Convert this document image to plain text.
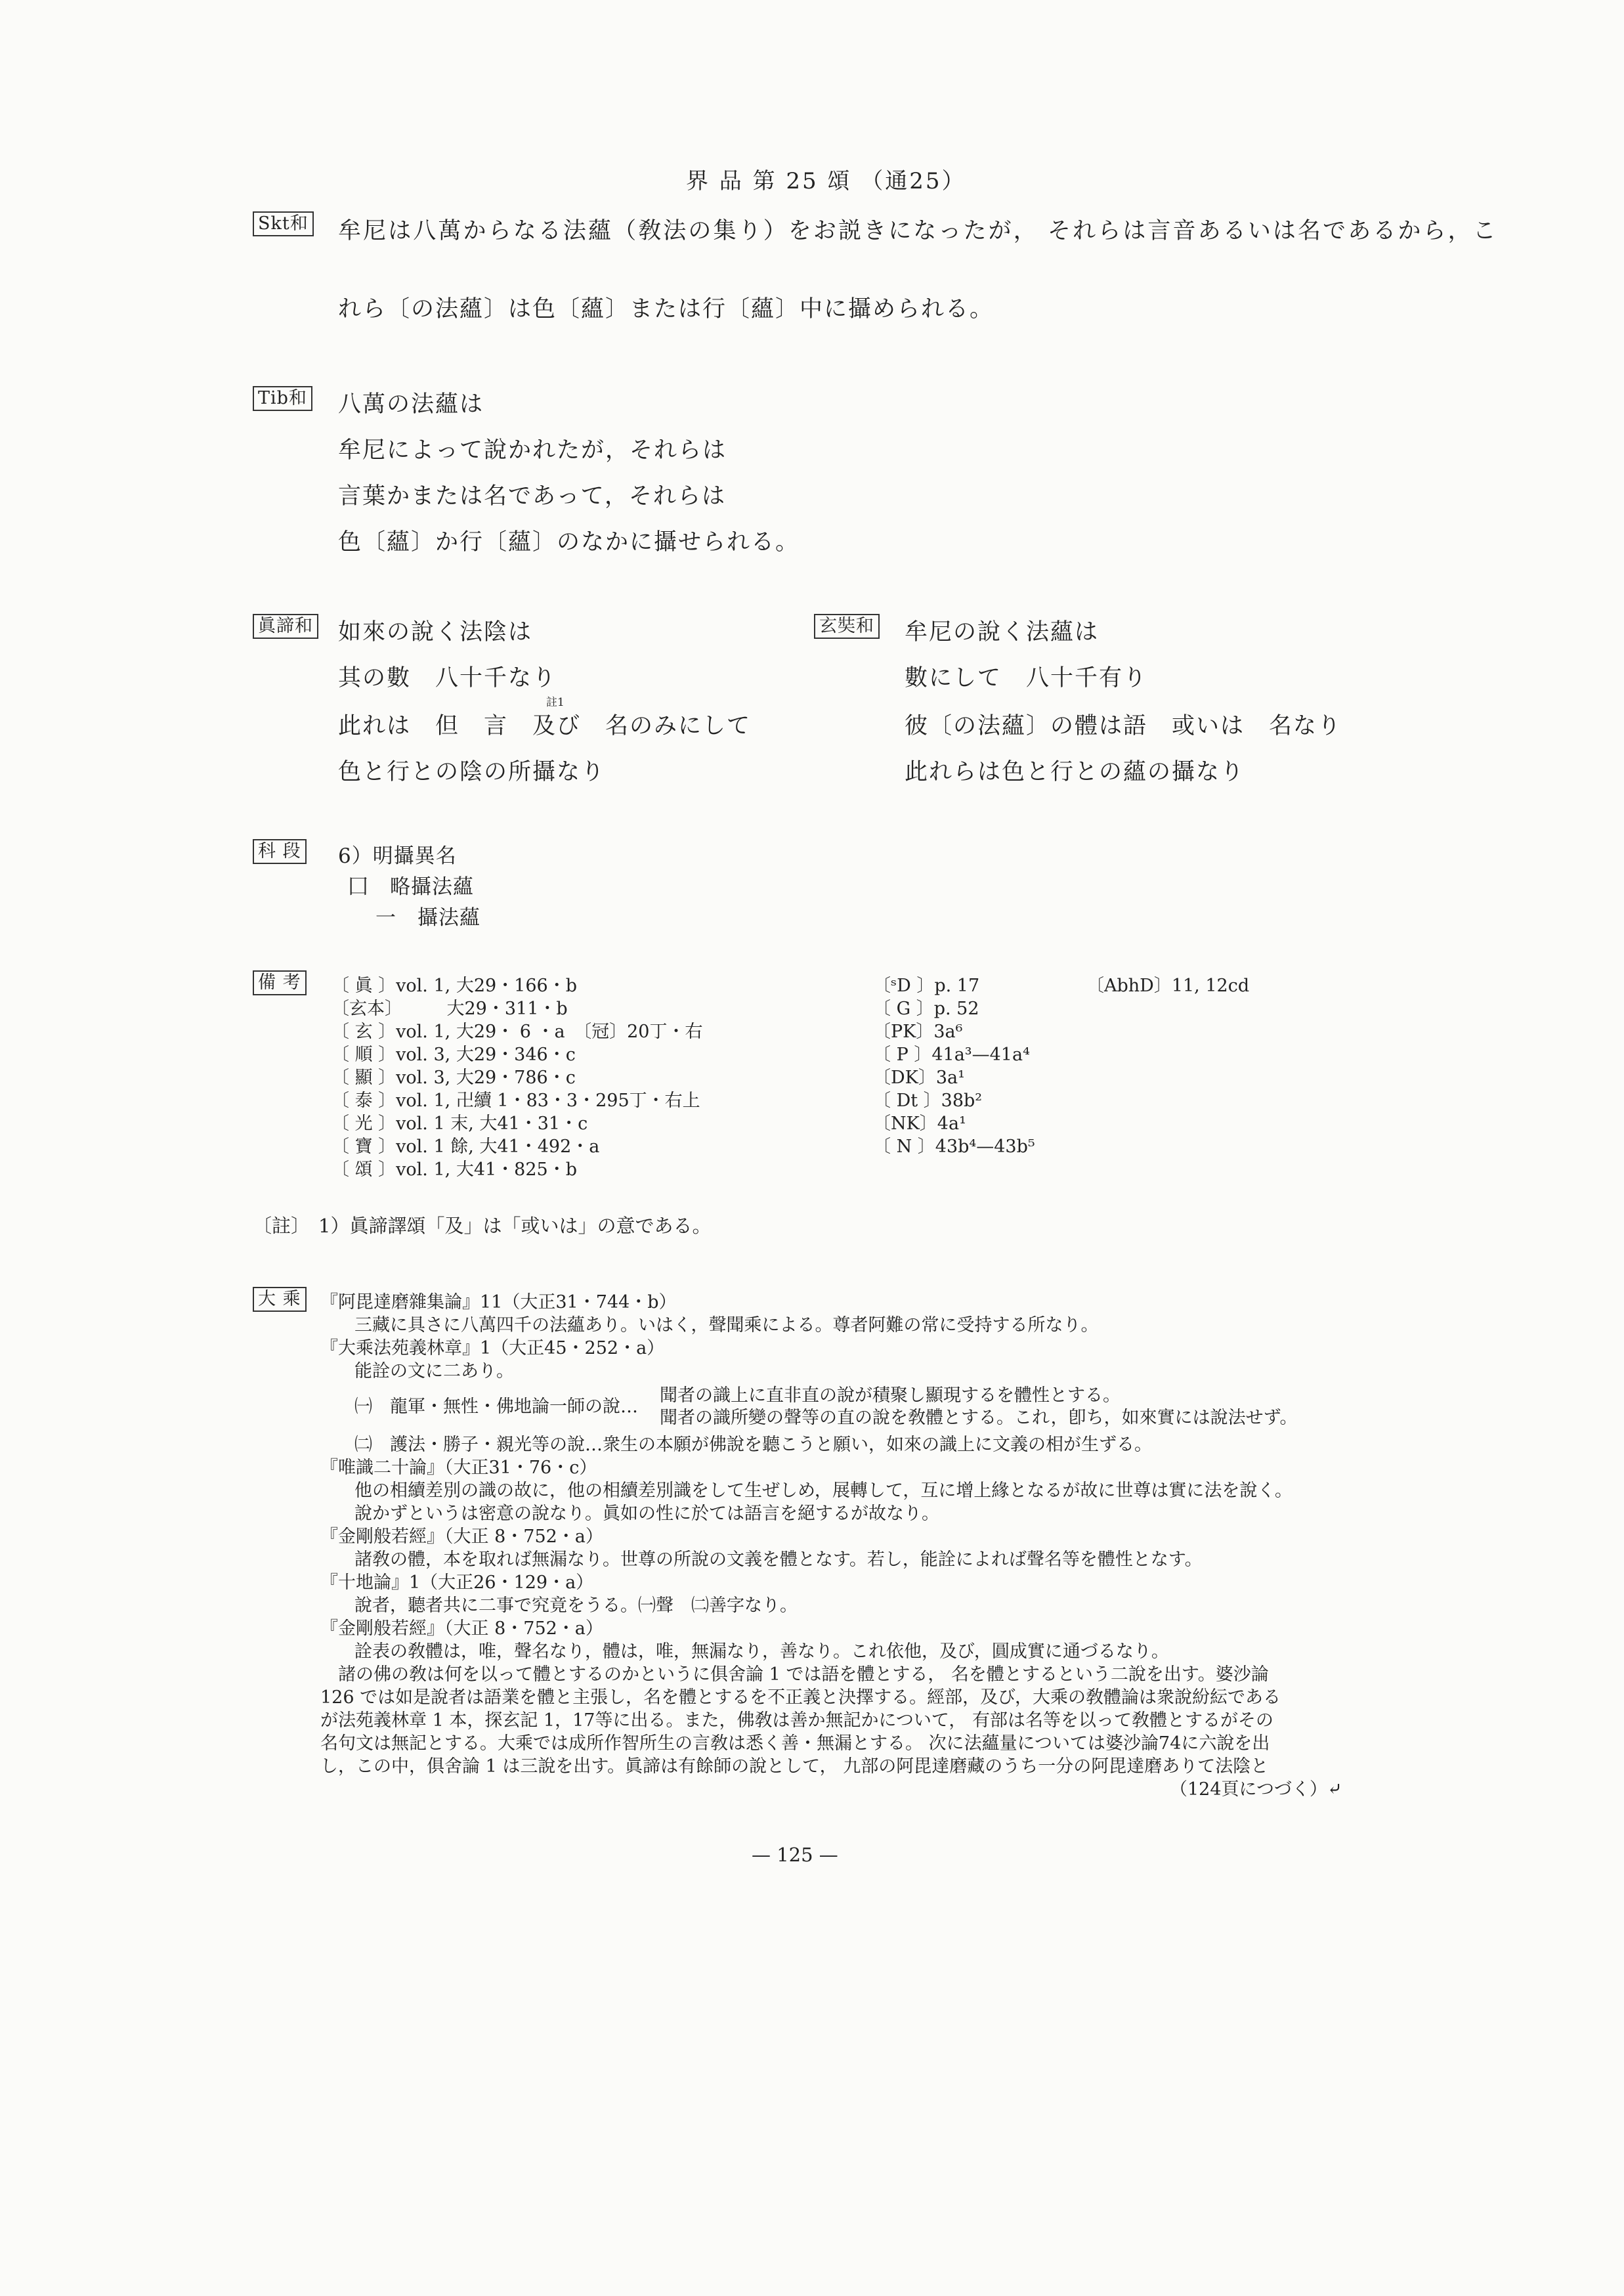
界 品 第 25 頌 （通25）
Skt和 牟尼は八萬からなる法蘊（敎法の集り）をお説きになったが， それらは言音あるいは名であるから，こ
れら〔の法蘊〕は色〔蘊〕または行〔蘊〕中に攝められる。
Tib和 八萬の法蘊は
牟尼によって說かれたが，それらは
言葉かまたは名であって，それらは
色〔蘊〕か行〔蘊〕のなかに攝せられる。
眞諦和 如來の說く法陰は
其の數　八十千なり
註1
此れは　但　言　及び　名のみにして
色と行との陰の所攝なり
玄奘和 牟尼の說く法蘊は
數にして　八十千有り
彼〔の法蘊〕の體は語　或いは　名なり
此れらは色と行との蘊の攝なり
科 段 6）明攝異名
囗　略攝法蘊
一　攝法蘊
備 考 〔 眞 〕vol. 1, 大29・166・b
〔玄本〕　　　大29・311・b
〔 玄 〕vol. 1, 大29・ 6 ・a　〔冠〕20丁・右
〔 順 〕vol. 3, 大29・346・c
〔 顯 〕vol. 3, 大29・786・c
〔 泰 〕vol. 1, 卍續 1・83・3・295丁・右上
〔 光 〕vol. 1 末, 大41・31・c
〔 寶 〕vol. 1 餘, 大41・492・a
〔 頌 〕vol. 1, 大41・825・b
〔ˢD 〕p. 17
〔 G 〕p. 52
〔PK〕3a⁶
〔 P 〕41a³—41a⁴
〔DK〕3a¹
〔 Dt 〕38b²
〔NK〕4a¹
〔 N 〕43b⁴—43b⁵
〔AbhD〕11, 12cd
〔註〕 1）眞諦譯頌「及」は「或いは」の意である。
大 乘 『阿毘達磨雜集論』11（大正31・744・b）
三藏に具さに八萬四千の法蘊あり。いはく，聲聞乘による。尊者阿難の常に受持する所なり。
『大乘法苑義林章』1（大正45・252・a）
能詮の文に二あり。
聞者の識上に直非直の說が積聚し顯現するを體性とする。
㈠　龍軍・無性・佛地論一師の說…
聞者の識所變の聲等の直の說を敎體とする。これ，卽ち，如來實には說法せず。
㈡　護法・勝子・親光等の說…衆生の本願が佛說を聽こうと願い，如來の識上に文義の相が生ずる。
『唯識二十論』（大正31・76・c）
他の相續差別の識の故に，他の相續差別識をして生ぜしめ，展轉して，互に增上緣となるが故に世尊は實に法を說く。
說かずというは密意の說なり。眞如の性に於ては語言を絕するが故なり。
『金剛般若經』（大正 8・752・a）
諸敎の體，本を取れば無漏なり。世尊の所說の文義を體となす。若し，能詮によれば聲名等を體性となす。
『十地論』1（大正26・129・a）
說者，聽者共に二事で究竟をうる。㈠聲　㈡善字なり。
『金剛般若經』（大正 8・752・a）
詮表の敎體は，唯，聲名なり，體は，唯，無漏なり，善なり。これ依他，及び，圓成實に通づるなり。
諸の佛の敎は何を以って體とするのかというに俱舍論 1 では語を體とする， 名を體とするという二說を出す。婆沙論
126 では如是說者は語業を體と主張し，名を體とするを不正義と決擇する。經部，及び，大乘の敎體論は衆說紛紜である
が法苑義林章 1 本，探玄記 1，17等に出る。また，佛敎は善か無記かについて， 有部は名等を以って敎體とするがその
名句文は無記とする。大乘では成所作智所生の言敎は悉く善・無漏とする。 次に法蘊量については婆沙論74に六說を出
し，この中，俱舍論 1 は三說を出す。眞諦は有餘師の說として， 九部の阿毘達磨藏のうち一分の阿毘達磨ありて法陰と
（124頁につづく）⤶
— 125 —
